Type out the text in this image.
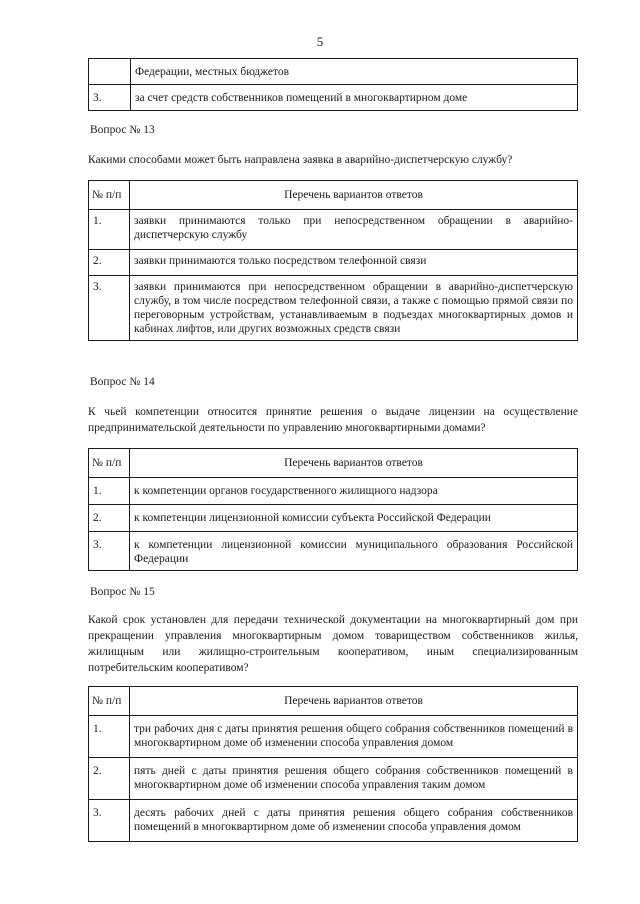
5
	Федерации, местных бюджетов
3.	за счет средств собственников помещений в многоквартирном доме
Вопрос № 13
Какими способами может быть направлена заявка в аварийно-диспетчерскую службу?
№ п/п	Перечень вариантов ответов
1.	заявки принимаются только при непосредственном обращении в аварийно-диспетчерскую службу
2.	заявки принимаются только посредством телефонной связи
3.	заявки принимаются при непосредственном обращении в аварийно-диспетчерскую службу, в том числе посредством телефонной связи, а также с помощью прямой связи по переговорным устройствам, устанавливаемым в подъездах многоквартирных домов и кабинах лифтов, или других возможных средств связи
Вопрос № 14
К чьей компетенции относится принятие решения о выдаче лицензии на осуществление предпринимательской деятельности по управлению многоквартирными домами?
№ п/п	Перечень вариантов ответов
1.	к компетенции органов государственного жилищного надзора
2.	к компетенции лицензионной комиссии субъекта Российской Федерации
3.	к компетенции лицензионной комиссии муниципального образования Российской Федерации
Вопрос № 15
Какой срок установлен для передачи технической документации на многоквартирный дом при прекращении управления многоквартирным домом товариществом собственников жилья, жилищным или жилищно-строительным кооперативом, иным специализированным потребительским кооперативом?
№ п/п	Перечень вариантов ответов
1.	три рабочих дня с даты принятия решения общего собрания собственников помещений в многоквартирном доме об изменении способа управления домом
2.	пять дней с даты принятия решения общего собрания собственников помещений в многоквартирном доме об изменении способа управления таким домом
3.	десять рабочих дней с даты принятия решения общего собрания собственников помещений в многоквартирном доме об изменении способа управления домом
